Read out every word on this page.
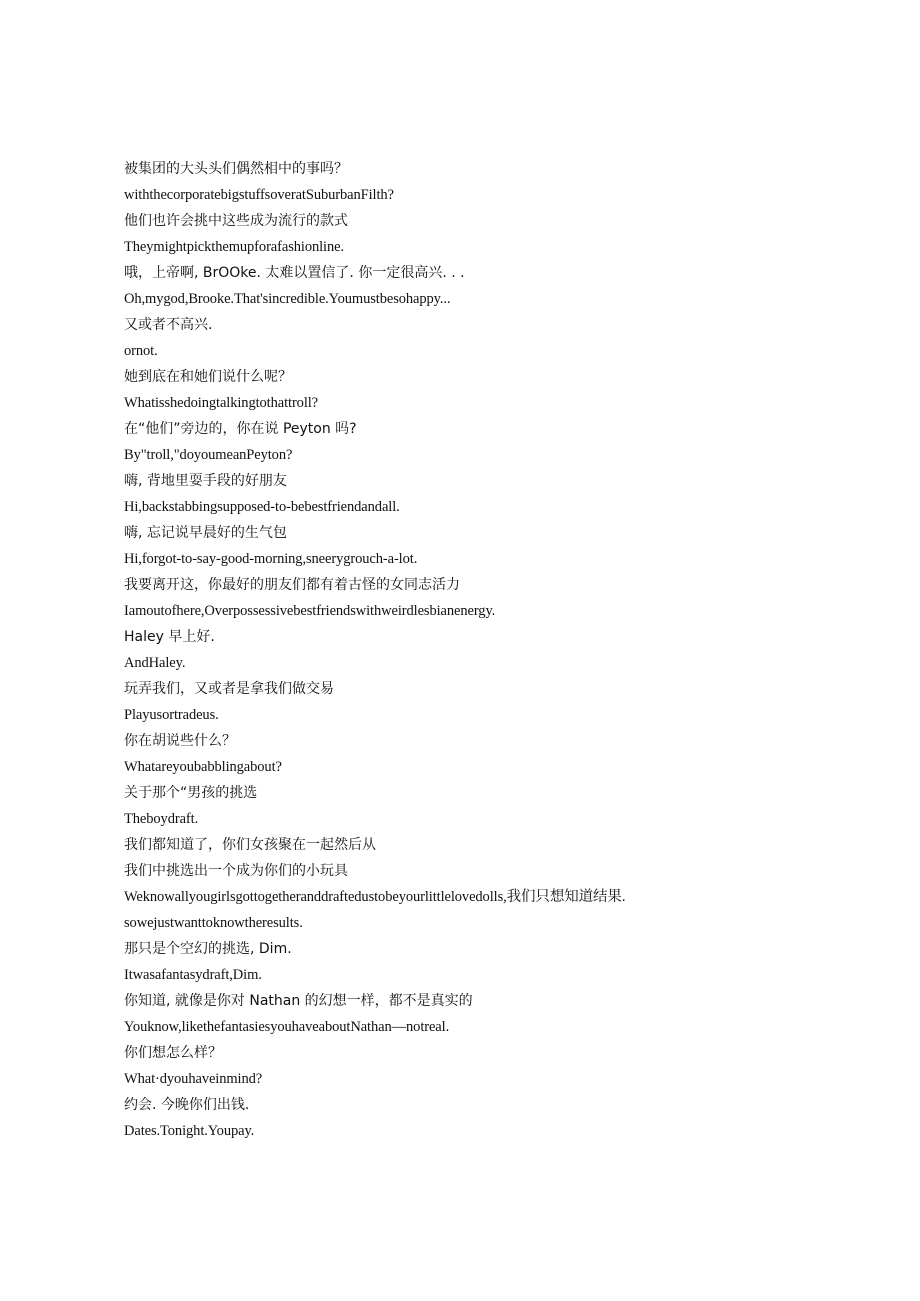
被集团的大头头们偶然相中的事吗？
withthecorporatebigstuffsoveratSuburbanFilth?
他们也许会挑中这些成为流行的款式
Theymightpickthemupforafashionline.
哦，上帝啊, BrOOke. 太难以置信了. 你一定很高兴. . .
Oh,mygod,Brooke.That'sincredible.Youmustbesohappy...
又或者不高兴.
ornot.
她到底在和她们说什么呢？
Whatisshedoingtalkingtothattroll?
在“他们”旁边的，你在说 Peyton 吗?
By"troll,"doyoumeanPeyton?
嗨, 背地里耍手段的好朋友
Hi,backstabbingsupposed-to-bebestfriendandall.
嗨, 忘记说早晨好的生气包
Hi,forgot-to-say-good-morning,sneerygrouch-a-lot.
我要离开这，你最好的朋友们都有着古怪的女同志活力
Iamoutofhere,Overpossessivebestfriendswithweirdlesbianenergy.
Haley 早上好.
AndHaley.
玩弄我们，又或者是拿我们做交易
Playusortradeus.
你在胡说些什么？
Whatareyoubabblingabout?
关于那个“男孩的挑选
Theboydraft.
我们都知道了，你们女孩聚在一起然后从
我们中挑选出一个成为你们的小玩具
Weknowallyougirlsgottogetheranddraftedustobeyourlittlelovedolls,我们只想知道结果.
sowejustwanttoknowtheresults.
那只是个空幻的挑选, Dim.
Itwasafantasydraft,Dim.
你知道, 就像是你对 Nathan 的幻想一样，都不是真实的
Youknow,likethefantasiesyouhaveaboutNathan—notreal.
你们想怎么样？
What·dyouhaveinmind?
约会. 今晚你们出钱.
Dates.Tonight.Youpay.
